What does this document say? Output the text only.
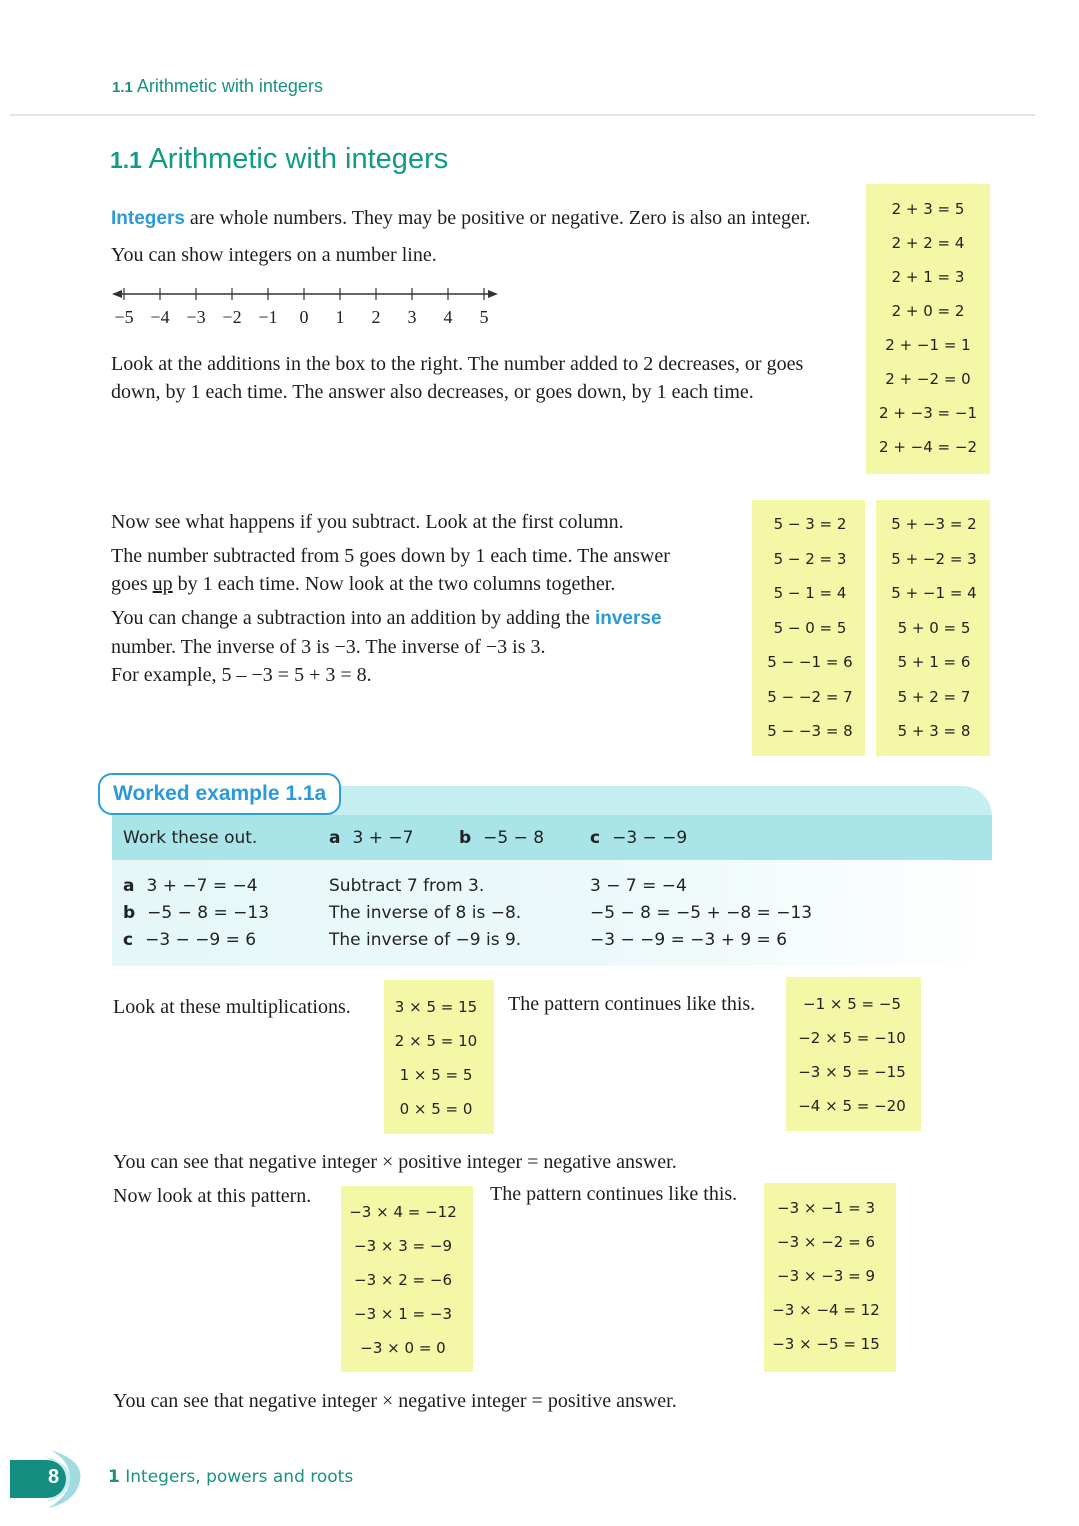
1.1 Arithmetic with integers
1.1 Arithmetic with integers
Integers are whole numbers. They may be positive or negative. Zero is also an integer.
You can show integers on a number line.
−5 −4 −3 −2 −1 0 1 2 3 4 5
Look at the additions in the box to the right. The number added to 2 decreases, or goes
down, by 1 each time. The answer also decreases, or goes down, by 1 each time.
2 + 3 = 5
2 + 2 = 4
2 + 1 = 3
2 + 0 = 2
2 + −1 = 1
2 + −2 = 0
2 + −3 = −1
2 + −4 = −2
Now see what happens if you subtract. Look at the first column.
The number subtracted from 5 goes down by 1 each time. The answer
goes up by 1 each time. Now look at the two columns together.
You can change a subtraction into an addition by adding the inverse
number. The inverse of 3 is −3. The inverse of −3 is 3.
For example, 5 – −3 = 5 + 3 = 8.
5 − 3 = 2
5 − 2 = 3
5 − 1 = 4
5 − 0 = 5
5 − −1 = 6
5 − −2 = 7
5 − −3 = 8
5 + −3 = 2
5 + −2 = 3
5 + −1 = 4
5 + 0 = 5
5 + 1 = 6
5 + 2 = 7
5 + 3 = 8
Worked example 1.1a
Work these out.	a 3 + −7	b −5 − 8	c −3 − −9
a 3 + −7 = −4	Subtract 7 from 3.	3 − 7 = −4
b −5 − 8 = −13	The inverse of 8 is −8.	−5 − 8 = −5 + −8 = −13
c −3 − −9 = 6	The inverse of −9 is 9.	−3 − −9 = −3 + 9 = 6
Look at these multiplications.	3 × 5 = 15
2 × 5 = 10
1 × 5 = 5
0 × 5 = 0
The pattern continues like this.	−1 × 5 = −5
−2 × 5 = −10
−3 × 5 = −15
−4 × 5 = −20
You can see that negative integer × positive integer = negative answer.
Now look at this pattern.
−3 × 4 = −12
−3 × 3 = −9
−3 × 2 = −6
−3 × 1 = −3
−3 × 0 = 0
The pattern continues like this.
−3 × −1 = 3
−3 × −2 = 6
−3 × −3 = 9
−3 × −4 = 12
−3 × −5 = 15
You can see that negative integer × negative integer = positive answer.
8	1 Integers, powers and roots
